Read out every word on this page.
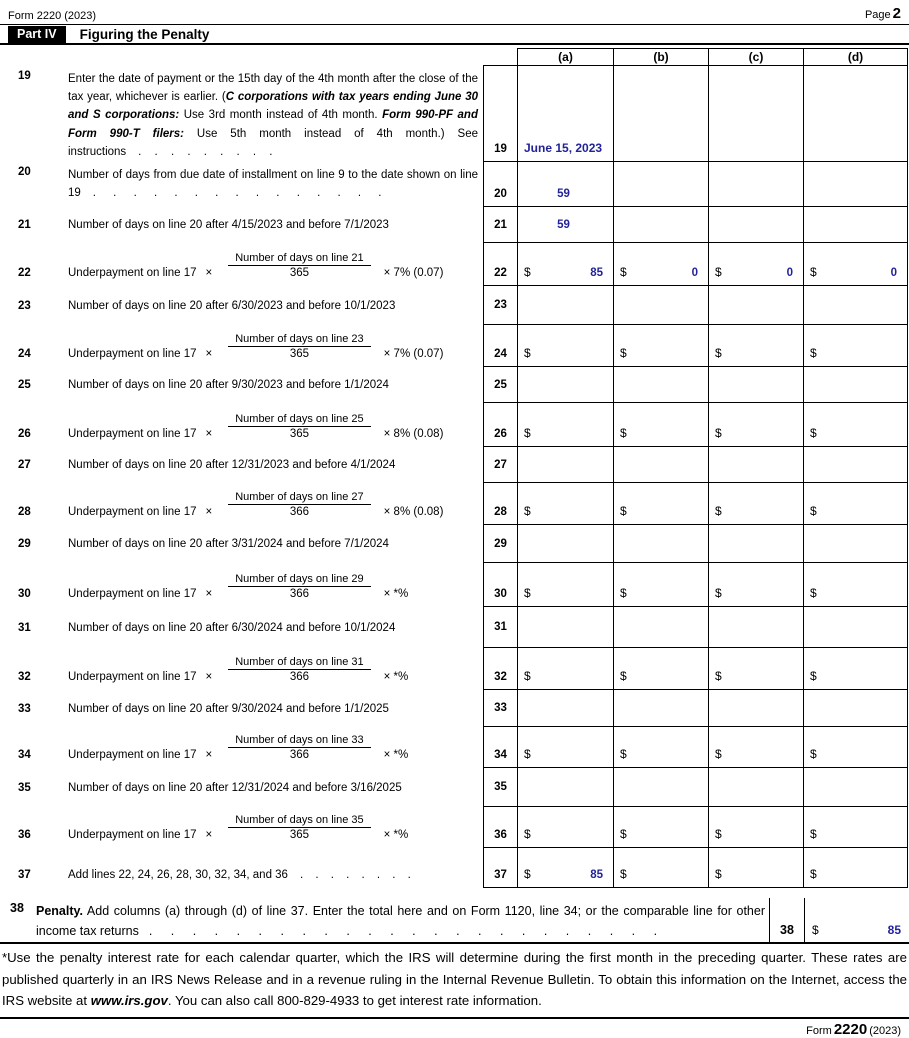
Form 2220 (2023)	Page 2
Part IV	Figuring the Penalty
(a)	(b)	(c)	(d)
19	Enter the date of payment or the 15th day of the 4th month after the close of the tax year, whichever is earlier. (C corporations with tax years ending June 30 and S corporations: Use 3rd month instead of 4th month. Form 990-PF and Form 990-T filers: Use 5th month instead of 4th month.) See instructions . . . . . . . . .	19 June 15, 2023
20	Number of days from due date of installment on line 9 to the date shown on line 19 . . . . . . . . . . . . . . .	20	59
21	Number of days on line 20 after 4/15/2023 and before 7/1/2023	21	59
22	Underpayment on line $17 \times \frac{\text{Number of days on line 21}}{365} \times 7\%$ (0.07)	22 $	85 $	0 $	0 $	0
23	Number of days on line 20 after 6/30/2023 and before 10/1/2023	23
24	Underpayment on line $17 \times \frac{\text{Number of days on line 23}}{365} \times 7\%$ (0.07)	24 $	$	$	$
25	Number of days on line 20 after 9/30/2023 and before 1/1/2024	25
26	Underpayment on line $17 \times \frac{\text{Number of days on line 25}}{365} \times 8\%$ (0.08)	26 $	$	$	$
27	Number of days on line 20 after 12/31/2023 and before 4/1/2024	27
28	Underpayment on line $17 \times \frac{\text{Number of days on line 27}}{366} \times 8\%$ (0.08)	28 $	$	$	$
29	Number of days on line 20 after 3/31/2024 and before 7/1/2024	29
30	Underpayment on line $17 \times \frac{\text{Number of days on line 29}}{366}$ × *%	30 $	$	$	$
31	Number of days on line 20 after 6/30/2024 and before 10/1/2024	31
32	Underpayment on line $17 \times \frac{\text{Number of days on line 31}}{366}$ × *%	32 $	$	$	$
33	Number of days on line 20 after 9/30/2024 and before 1/1/2025	33
34	Underpayment on line $17 \times \frac{\text{Number of days on line 33}}{366}$ × *%	34 $	$	$	$
35	Number of days on line 20 after 12/31/2024 and before 3/16/2025	35
36	Underpayment on line $17 \times \frac{\text{Number of days on line 35}}{365}$ × *%	36 $	$	$	$
37	Add lines 22, 24, 26, 28, 30, 32, 34, and 36 . . . . . . . .	37 $	85 $	$	$
38 Penalty. Add columns (a) through (d) of line 37. Enter the total here and on Form 1120, line 34; or the comparable line for other income tax returns . . . . . . . . . . . . . . . . . . . . . . . .	38 $	85
*Use the penalty interest rate for each calendar quarter, which the IRS will determine during the first month in the preceding quarter. These rates are published quarterly in an IRS News Release and in a revenue ruling in the Internal Revenue Bulletin. To obtain this information on the Internet, access the IRS website at www.irs.gov. You can also call 800-829-4933 to get interest rate information.
Form 2220 (2023)
